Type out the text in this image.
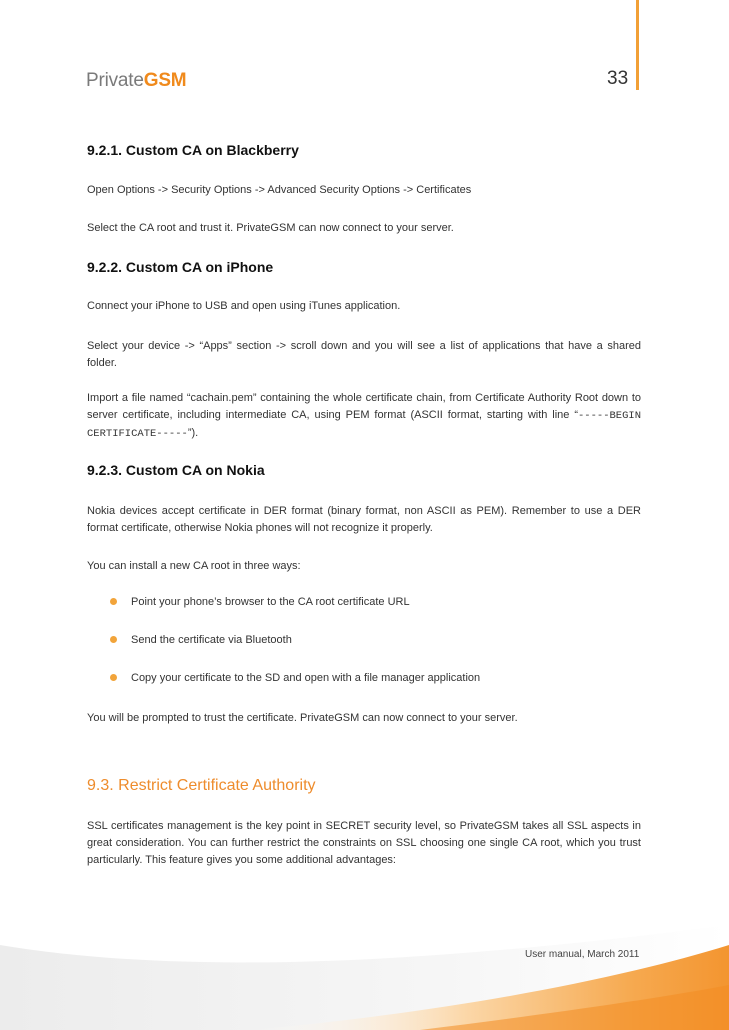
PrivateGSM	33
9.2.1. Custom CA on Blackberry

Open Options -> Security Options -> Advanced Security Options -> Certificates

Select the CA root and trust it. PrivateGSM can now connect to your server.

9.2.2. Custom CA on iPhone

Connect your iPhone to USB and open using iTunes application.

Select your device -> “Apps” section -> scroll down and you will see a list of applications that have a shared folder.

Import a file named “cachain.pem” containing the whole certificate chain, from Certificate Authority Root down to server certificate, including intermediate CA, using PEM format (ASCII format, starting with line “-----BEGIN CERTIFICATE-----”).

9.2.3. Custom CA on Nokia

Nokia devices accept certificate in DER format (binary format, non ASCII as PEM). Remember to use a DER format certificate, otherwise Nokia phones will not recognize it properly.

You can install a new CA root in three ways:

Point your phone’s browser to the CA root certificate URL
Send the certificate via Bluetooth
Copy your certificate to the SD and open with a file manager application

You will be prompted to trust the certificate. PrivateGSM can now connect to your server.

9.3. Restrict Certificate Authority

SSL certificates management is the key point in SECRET security level, so PrivateGSM takes all SSL aspects in great consideration. You can further restrict the constraints on SSL choosing one single CA root, which you trust particularly. This feature gives you some additional advantages:

User manual, March 2011
